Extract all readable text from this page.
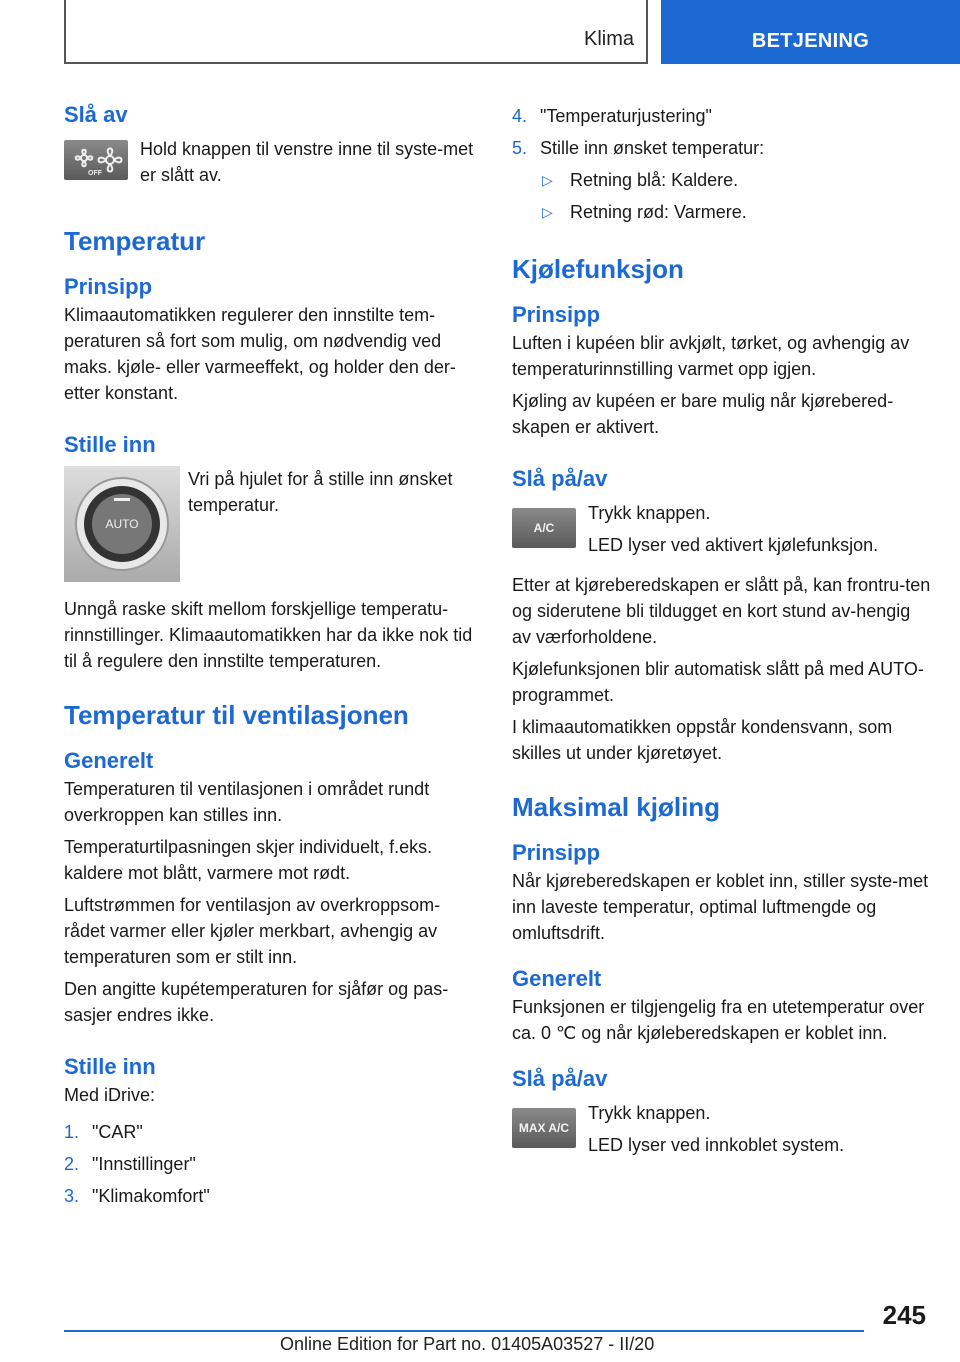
Klima	BETJENING
Slå av
OFF

Hold knappen til venstre inne til syste‐met er slått av.

Temperatur
Prinsipp

Klimaautomatikken regulerer den innstilte tem‐peraturen så fort som mulig, om nødvendig ved maks. kjøle- eller varmeeffekt, og holder den der‐etter konstant.

Stille inn
AUTO

Vri på hjulet for å stille inn ønsket temperatur.

Unngå raske skift mellom forskjellige temperatu‐rinnstillinger. Klimaautomatikken har da ikke nok tid til å regulere den innstilte temperaturen.

Temperatur til ventilasjonen
Generelt

Temperaturen til ventilasjonen i området rundt overkroppen kan stilles inn.

Temperaturtilpasningen skjer individuelt, f.eks. kaldere mot blått, varmere mot rødt.

Luftstrømmen for ventilasjon av overkroppsom‐rådet varmer eller kjøler merkbart, avhengig av temperaturen som er stilt inn.

Den angitte kupétemperaturen for sjåfør og pas‐sasjer endres ikke.

Stille inn

Med iDrive:

1. "CAR"
2. "Innstillinger"
3. "Klimakomfort"
4. "Temperaturjustering"
5. Stille inn ønsket temperatur:
▷ Retning blå: Kaldere.
▷ Retning rød: Varmere.
Kjølefunksjon
Prinsipp

Luften i kupéen blir avkjølt, tørket, og avhengig av temperaturinnstilling varmet opp igjen.

Kjøling av kupéen er bare mulig når kjørebered‐skapen er aktivert.

Slå på/av
A/C

Trykk knappen.

LED lyser ved aktivert kjølefunksjon.

Etter at kjøreberedskapen er slått på, kan frontru‐ten og siderutene bli tildugget en kort stund av‐hengig av værforholdene.

Kjølefunksjonen blir automatisk slått på med AUTO-programmet.

I klimaautomatikken oppstår kondensvann, som skilles ut under kjøretøyet.

Maksimal kjøling
Prinsipp

Når kjøreberedskapen er koblet inn, stiller syste‐met inn laveste temperatur, optimal luftmengde og omluftsdrift.

Generelt

Funksjonen er tilgjengelig fra en utetemperatur over ca. 0 ℃ og når kjøleberedskapen er koblet inn.

Slå på/av
MAX A/C

Trykk knappen.

LED lyser ved innkoblet system.

245
Online Edition for Part no. 01405A03527 - II/20
